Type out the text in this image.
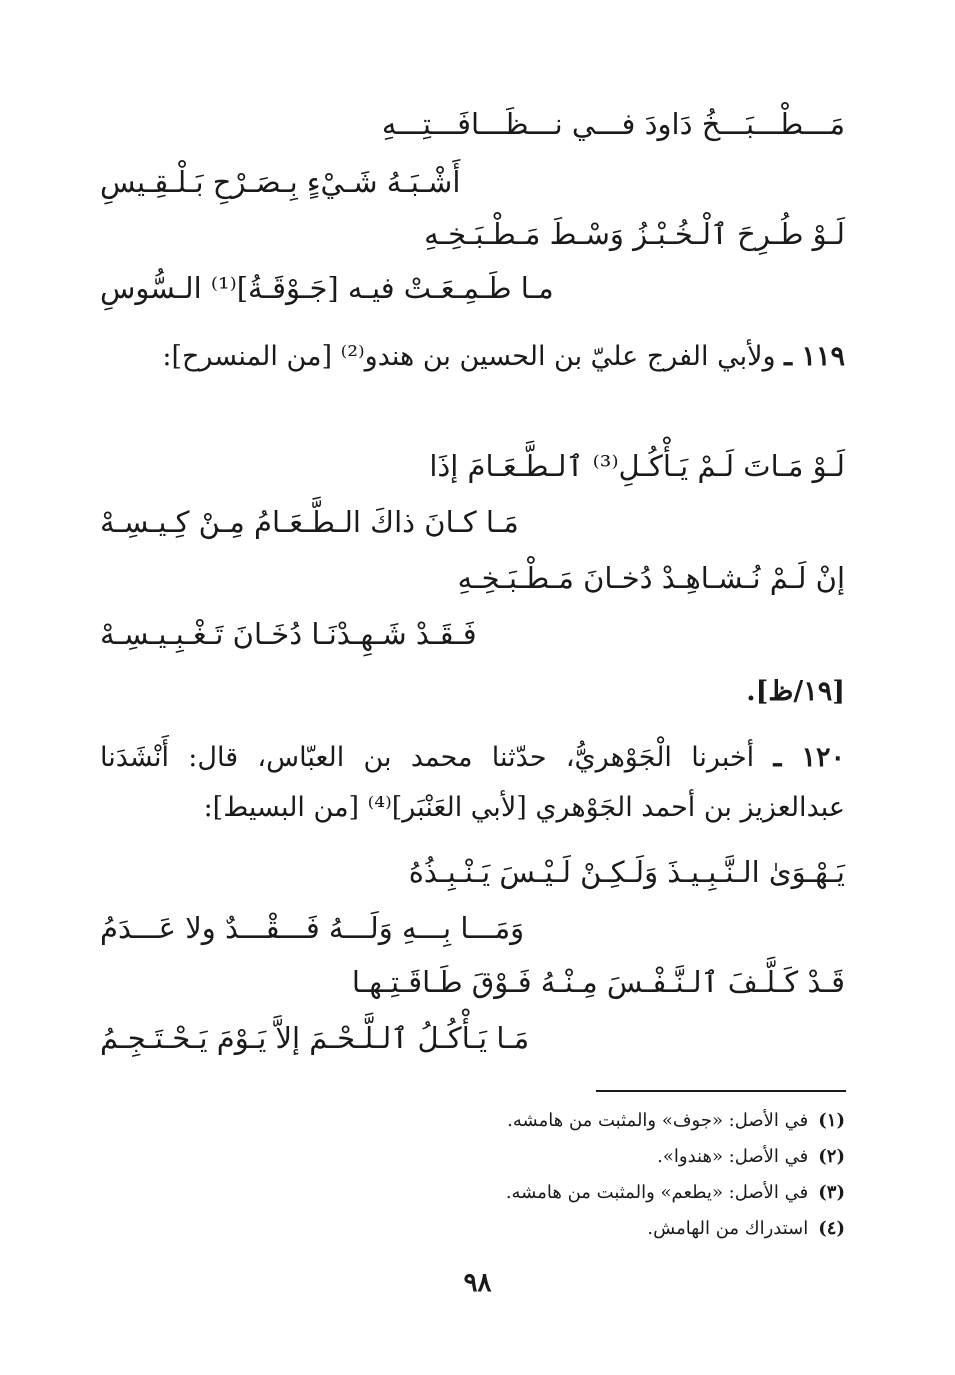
مَـــطْـــبَـــخُ دَاودَ فـــي نـــظَـــافَـــتِـــهِ
أَشْـبَـهُ شَـيْءٍ بِـصَـرْحِ بَـلْـقِـيسِ
لَـوْ طُـرِحَ ٱلْـخُـبْـزُ وَسْـطَ مَـطْـبَـخِـهِ
مـا طَـمِـعَـتْ فيـه [جَـوْقَـةُ]⁽¹⁾ الـسُّوسِ
١١٩ ـ ولأبي الفرج عليّ بن الحسين بن هندو⁽²⁾ [من المنسرح]:
لَـوْ مَـاتَ لَـمْ يَـأْكُـلِ⁽³⁾ ٱلـطَّـعَـامَ إذَا
مَـا كـانَ ذاكَ الـطَّـعَـامُ مِـنْ كِـيـسِـهْ
إنْ لَـمْ نُـشـاهِـدْ دُخـانَ مَـطْـبَـخِـهِ
فَـقَـدْ شَـهِـدْنَـا دُخَـانَ تَـغْـبِـيـسِـهْ
[١٩/ظ].
١٢٠ ـ أخبرنا الْجَوْهريُّ، حدّثنا محمد بن العبّاس، قال: أَنْشَدَنا عبدالعزيز بن أحمد الجَوْهري [لأبي العَنْبَر]⁽⁴⁾ [من البسيط]:
يَـهْـوَىٰ الـنَّـبِـيـذَ وَلَـكِـنْ لَـيْـسَ يَـنْـبِـذُهُ
وَمَـــا بِـــهِ وَلَـــهُ فَـــقْـــدٌ ولا عَـــدَمُ
قَـدْ كَـلَّـفَ ٱلـنَّـفْـسَ مِـنْـهُ فَـوْقَ طَـاقَـتِـهـا
مَـا يَـأْكُـلُ ٱلـلَّـحْـمَ إلاَّ يَـوْمَ يَـحْـتَـجِـمُ
(١)في الأصل: «جوف» والمثبت من هامشه.
(٢)في الأصل: «هندوا».
(٣)في الأصل: «يطعم» والمثبت من هامشه.
(٤)استدراك من الهامش.
٩٨
